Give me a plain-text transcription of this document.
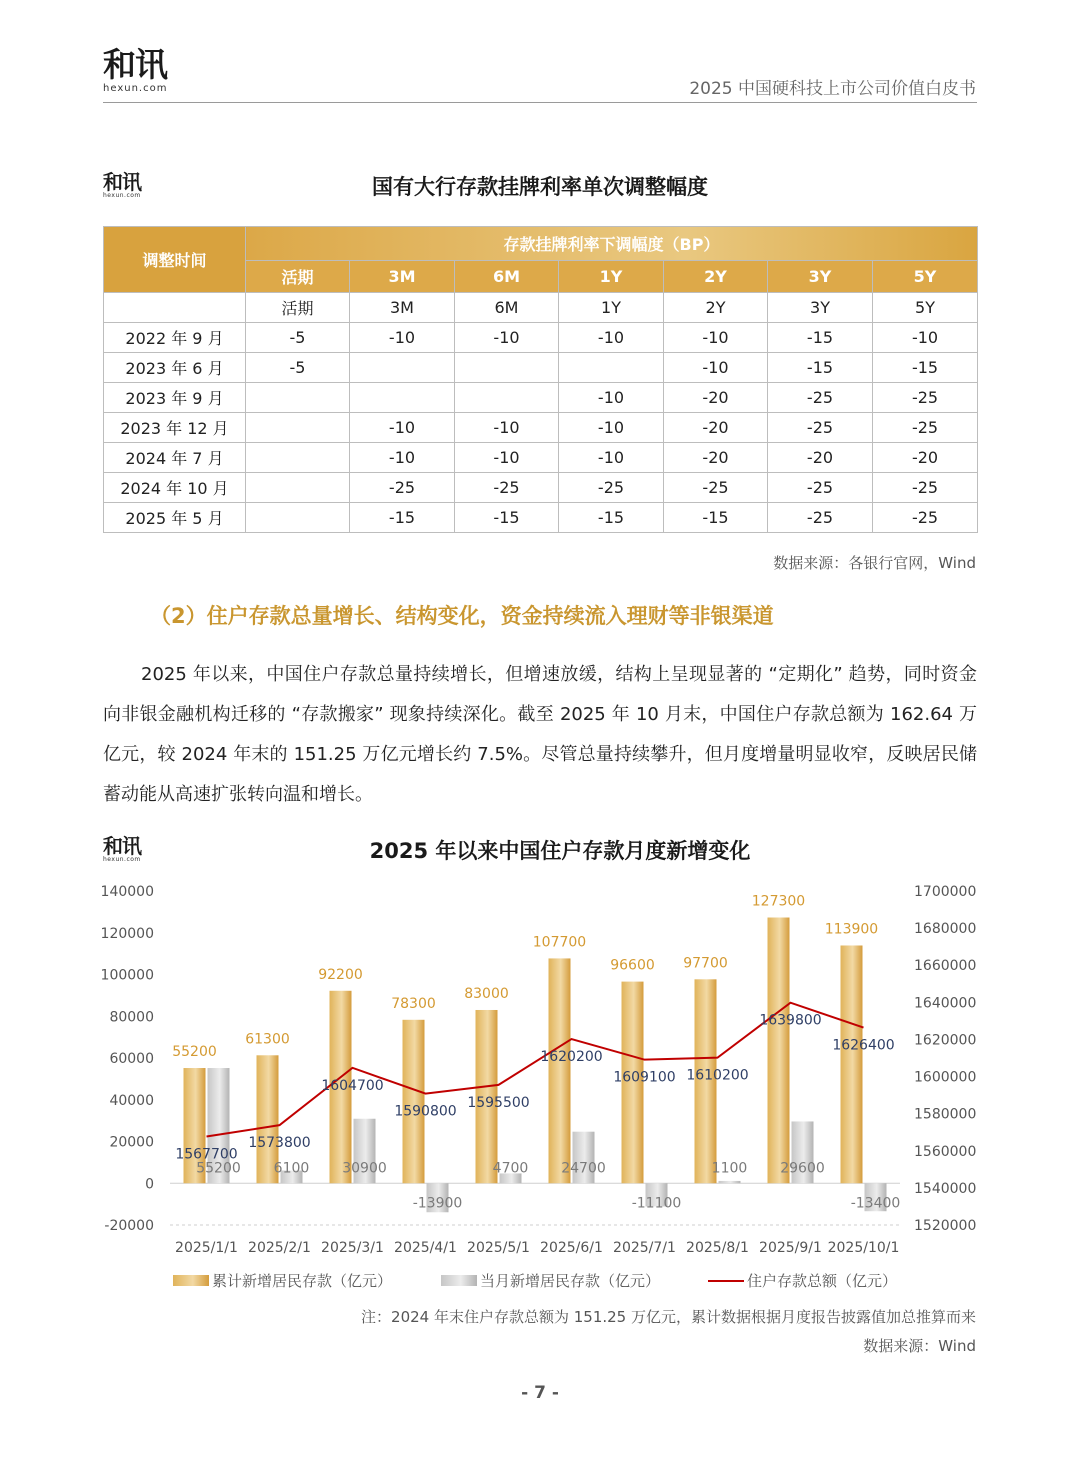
和讯
hexun.com	2025 中国硬科技上市公司价值白皮书
和讯
hexun.com	国有大行存款挂牌利率单次调整幅度
调整时间	存款挂牌利率下调幅度（BP）						
	活期	3M	6M	1Y	2Y	3Y	5Y
	活期	3M	6M	1Y	2Y	3Y	5Y
2022 年 9 月	-5	-10	-10	-10	-10	-15	-10
2023 年 6 月	-5				-10	-15	-15
2023 年 9 月				-10	-20	-25	-25
2023 年 12 月		-10	-10	-10	-20	-25	-25
2024 年 7 月		-10	-10	-10	-20	-20	-20
2024 年 10 月		-25	-25	-25	-25	-25	-25
2025 年 5 月		-15	-15	-15	-15	-25	-25
数据来源：各银行官网，Wind
（2）住户存款总量增长、结构变化，资金持续流入理财等非银渠道
2025 年以来，中国住户存款总量持续增长，但增速放缓，结构上呈现显著的 “定期化” 趋势，同时资金向非银金融机构迁移的 “存款搬家” 现象持续深化。截至 2025 年 10 月末，中国住户存款总额为 162.64 万亿元，较 2024 年末的 151.25 万亿元增长约 7.5%。尽管总量持续攀升，但月度增量明显收窄，反映居民储蓄动能从高速扩张转向温和增长。
和讯
hexun.com	2025 年以来中国住户存款月度新增变化
140000
120000
100000
80000
60000
40000
20000
0
-20000
1700000
1680000
1660000
1640000
1620000
1600000
1580000
1560000
1540000
1520000
55200
61300
92200
78300
83000
107700
96600 97700
127300
113900
55200 6100 30900
-13900
4700 24700
-11100
1100 29600
-13400
1567700
1573800
1604700
1590800
1595500
1620200
1609100 1610200
1639800
1626400
2025/1/1 2025/2/1 2025/3/1 2025/4/1 2025/5/1 2025/6/1 2025/7/1 2025/8/1 2025/9/1 2025/10/1
累计新增居民存款（亿元）	当月新增居民存款（亿元）	住户存款总额（亿元）
注：2024 年末住户存款总额为 151.25 万亿元，累计数据根据月度报告披露值加总推算而来
数据来源：Wind
- 7 -
